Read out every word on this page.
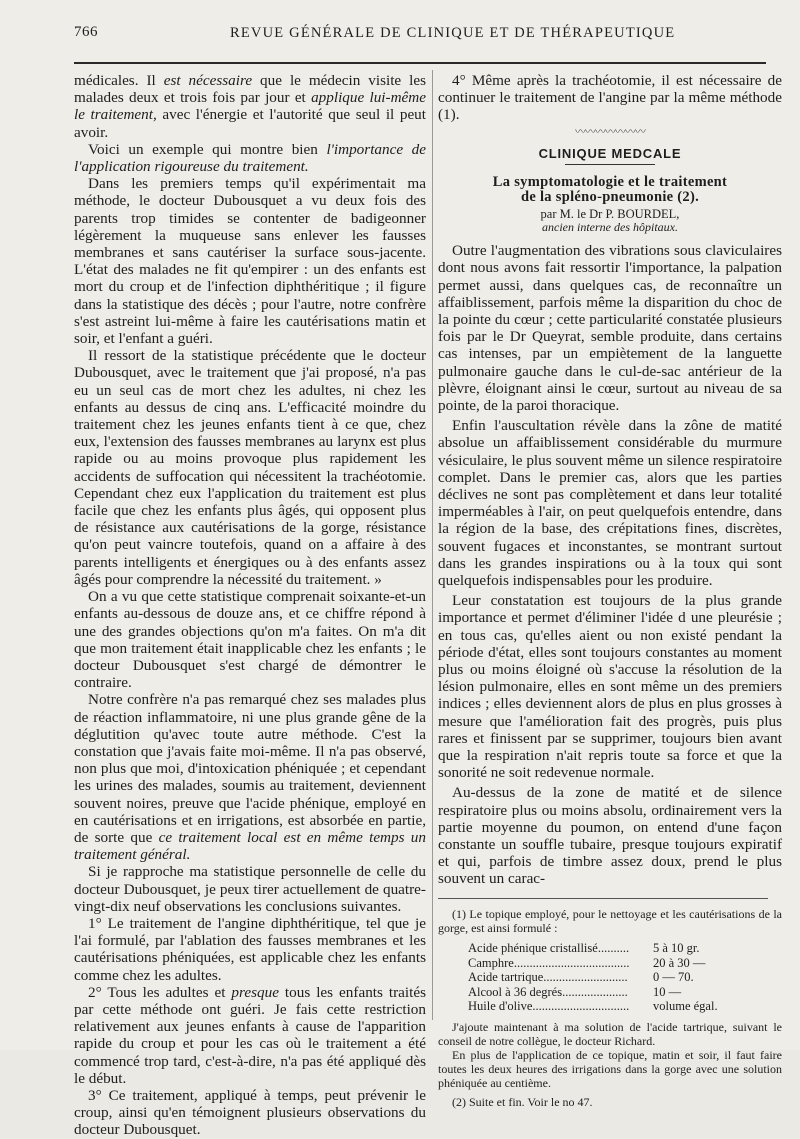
766	REVUE GÉNÉRALE DE CLINIQUE ET DE THÉRAPEUTIQUE

médicales. Il est nécessaire que le médecin visite les malades deux et trois fois par jour et applique lui-même le traitement, avec l'énergie et l'autorité que seul il peut avoir.

Voici un exemple qui montre bien l'importance de l'application rigoureuse du traitement.

Dans les premiers temps qu'il expérimentait ma méthode, le docteur Dubousquet a vu deux fois des parents trop timides se contenter de badigeonner légèrement la muqueuse sans enlever les fausses membranes et sans cautériser la surface sous-jacente. L'état des malades ne fit qu'empirer : un des enfants est mort du croup et de l'infection diphthéritique ; il figure dans la statistique des décès ; pour l'autre, notre confrère s'est astreint lui-même à faire les cautérisations matin et soir, et l'enfant a guéri.

Il ressort de la statistique précédente que le docteur Dubousquet, avec le traitement que j'ai proposé, n'a pas eu un seul cas de mort chez les adultes, ni chez les enfants au dessus de cinq ans. L'efficacité moindre du traitement chez les jeunes enfants tient à ce que, chez eux, l'extension des fausses membranes au larynx est plus rapide ou au moins provoque plus rapidement les accidents de suffocation qui nécessitent la trachéotomie. Cependant chez eux l'application du traitement est plus facile que chez les enfants plus âgés, qui opposent plus de résistance aux cautérisations de la gorge, résistance qu'on peut vaincre toutefois, quand on a affaire à des parents intelligents et énergiques ou à des enfants assez âgés pour comprendre la nécessité du traitement. »

On a vu que cette statistique comprenait soixante-et-un enfants au-dessous de douze ans, et ce chiffre répond à une des grandes objections qu'on m'a faites. On m'a dit que mon traitement était inapplicable chez les enfants ; le docteur Dubousquet s'est chargé de démontrer le contraire.

Notre confrère n'a pas remarqué chez ses malades plus de réaction inflammatoire, ni une plus grande gêne de la déglutition qu'avec toute autre méthode. C'est la constation que j'avais faite moi-même. Il n'a pas observé, non plus que moi, d'intoxication phéniquée ; et cependant les urines des malades, soumis au traitement, deviennent souvent noires, preuve que l'acide phénique, employé en en cautérisations et en irrigations, est absorbée en partie, de sorte que ce traitement local est en même temps un traitement général.

Si je rapproche ma statistique personnelle de celle du docteur Dubousquet, je peux tirer actuellement de quatre-vingt-dix neuf observations les conclusions suivantes.

1° Le traitement de l'angine diphthéritique, tel que je l'ai formulé, par l'ablation des fausses membranes et les cautérisations phéniquées, est applicable chez les enfants comme chez les adultes.

2° Tous les adultes et presque tous les enfants traités par cette méthode ont guéri. Je fais cette restriction relativement aux jeunes enfants à cause de l'apparition rapide du croup et pour les cas où le traitement a été commencé trop tard, c'est-à-dire, n'a pas été appliqué dès le début.

3° Ce traitement, appliqué à temps, peut prévenir le croup, ainsi qu'en témoignent plusieurs observations du docteur Dubousquet.

4° Même après la trachéotomie, il est nécessaire de continuer le traitement de l'angine par la même méthode (1).

〰〰〰〰〰〰〰
CLINIQUE MEDCALE

La symptomatologie et le traitement

de la spléno-pneumonie (2).

par M. le Dr P. BOURDEL,

ancien interne des hôpitaux.

Outre l'augmentation des vibrations sous claviculaires dont nous avons fait ressortir l'importance, la palpation permet aussi, dans quelques cas, de reconnaître un affaiblissement, parfois même la disparition du choc de la pointe du cœur ; cette particularité constatée plusieurs fois par le Dr Queyrat, semble produite, dans certains cas intenses, par un empiètement de la languette pulmonaire gauche dans le cul-de-sac antérieur de la plèvre, éloignant ainsi le cœur, surtout au niveau de sa pointe, de la paroi thoracique.

Enfin l'auscultation révèle dans la zône de matité absolue un affaiblissement considérable du murmure vésiculaire, le plus souvent même un silence respiratoire complet. Dans le premier cas, alors que les parties déclives ne sont pas complètement et dans leur totalité imperméables à l'air, on peut quelquefois entendre, dans la région de la base, des crépitations fines, discrètes, souvent fugaces et inconstantes, se montrant surtout dans les grandes inspirations ou à la toux qui sont quelquefois indispensables pour les produire.

Leur constatation est toujours de la plus grande importance et permet d'éliminer l'idée d une pleurésie ; en tous cas, qu'elles aient ou non existé pendant la période d'état, elles sont toujours constantes au moment plus ou moins éloigné où s'accuse la résolution de la lésion pulmonaire, elles en sont même un des premiers indices ; elles deviennent alors de plus en plus grosses à mesure que l'amélioration fait des progrès, puis plus rares et finissent par se supprimer, toujours bien avant que la respiration n'ait repris toute sa force et que la sonorité ne soit redevenue normale.

Au-dessus de la zone de matité et de silence respiratoire plus ou moins absolu, ordinairement vers la partie moyenne du poumon, on entend d'une façon constante un souffle tubaire, presque toujours expiratif et qui, parfois de timbre assez doux, prend le plus souvent un carac-

(1) Le topique employé, pour le nettoyage et les cautérisations de la gorge, est ainsi formulé :

Acide phénique cristallisé..........	5 à 10 gr.
Camphre.....................................	20 à 30 —
Acide tartrique...........................	0 — 70.
Alcool à 36 degrés.....................	10 —
Huile d'olive...............................	volume égal.

J'ajoute maintenant à ma solution de l'acide tartrique, suivant le conseil de notre collègue, le docteur Richard.

En plus de l'application de ce topique, matin et soir, il faut faire toutes les deux heures des irrigations dans la gorge avec une solution phéniquée au centième.

(2) Suite et fin. Voir le no 47.
